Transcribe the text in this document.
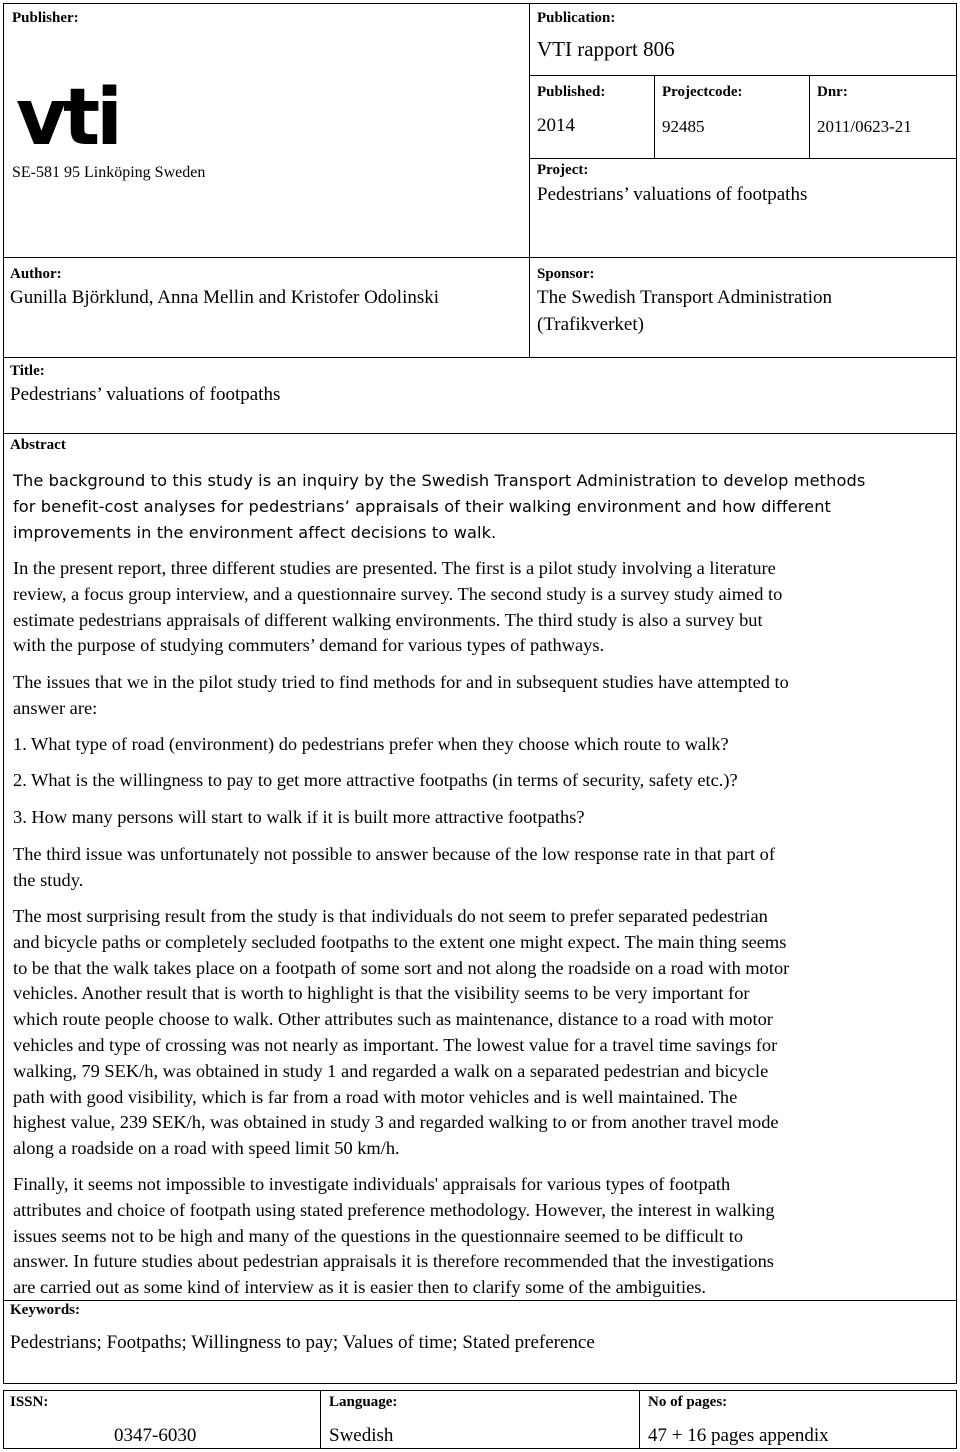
Publisher:
vti
SE-581 95 Linköping Sweden
Publication:
VTI rapport 806
Published:
2014
Projectcode:
92485
Dnr:
2011/0623-21
Project:
Pedestrians’ valuations of footpaths
Author:
Gunilla Björklund, Anna Mellin and Kristofer Odolinski
Sponsor:
The Swedish Transport Administration
(Trafikverket)
Title:
Pedestrians’ valuations of footpaths
Abstract

The background to this study is an inquiry by the Swedish Transport Administration to develop methods
for benefit-cost analyses for pedestrians’ appraisals of their walking environment and how different
improvements in the environment affect decisions to walk.

In the present report, three different studies are presented. The first is a pilot study involving a literature
review, a focus group interview, and a questionnaire survey. The second study is a survey study aimed to
estimate pedestrians appraisals of different walking environments. The third study is also a survey but
with the purpose of studying commuters’ demand for various types of pathways.

The issues that we in the pilot study tried to find methods for and in subsequent studies have attempted to
answer are:

1. What type of road (environment) do pedestrians prefer when they choose which route to walk?

2. What is the willingness to pay to get more attractive footpaths (in terms of security, safety etc.)?

3. How many persons will start to walk if it is built more attractive footpaths?

The third issue was unfortunately not possible to answer because of the low response rate in that part of
the study.

The most surprising result from the study is that individuals do not seem to prefer separated pedestrian
and bicycle paths or completely secluded footpaths to the extent one might expect. The main thing seems
to be that the walk takes place on a footpath of some sort and not along the roadside on a road with motor
vehicles. Another result that is worth to highlight is that the visibility seems to be very important for
which route people choose to walk. Other attributes such as maintenance, distance to a road with motor
vehicles and type of crossing was not nearly as important. The lowest value for a travel time savings for
walking, 79 SEK/h, was obtained in study 1 and regarded a walk on a separated pedestrian and bicycle
path with good visibility, which is far from a road with motor vehicles and is well maintained. The
highest value, 239 SEK/h, was obtained in study 3 and regarded walking to or from another travel mode
along a roadside on a road with speed limit 50 km/h.

Finally, it seems not impossible to investigate individuals' appraisals for various types of footpath
attributes and choice of footpath using stated preference methodology. However, the interest in walking
issues seems not to be high and many of the questions in the questionnaire seemed to be difficult to
answer. In future studies about pedestrian appraisals it is therefore recommended that the investigations
are carried out as some kind of interview as it is easier then to clarify some of the ambiguities.

Keywords:
Pedestrians; Footpaths; Willingness to pay; Values of time; Stated preference
ISSN:
0347-6030
Language:
Swedish
No of pages:
47 + 16 pages appendix
